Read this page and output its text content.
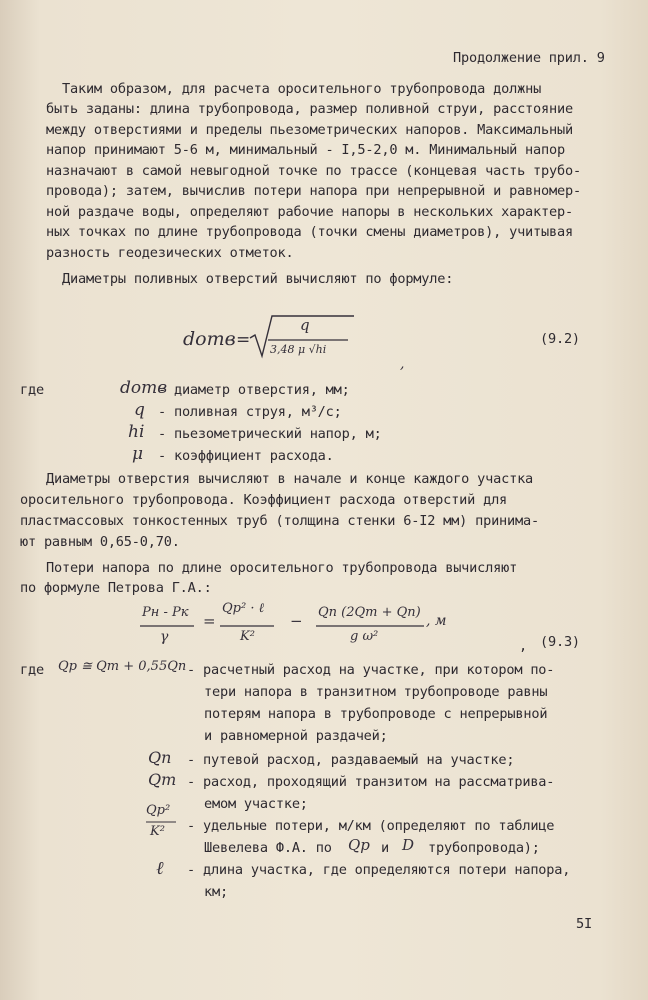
Продолжение прил. 9
Таким образом, для расчета оросительного трубопровода должны
быть заданы: длина трубопровода, размер поливной струи, расстояние
между отверстиями и пределы пьезометрических напоров. Максимальный
напор принимают 5-6 м, минимальный - I,5-2,0 м. Минимальный напор
назначают в самой невыгодной точке по трассе (концевая часть трубо-
провода); затем, вычислив потери напора при непрерывной и равномер-
ной раздаче воды, определяют рабочие напоры в нескольких характер-
ных точках по длине трубопровода (точки смены диаметров), учитывая
разность геодезических отметок.
Диаметры поливных отверстий вычисляют по формуле:
dотв =
q
3,48 μ √hi
,
(9.2)
где	dотв
- диаметр отверстия, мм;
q - поливная струя, м³/с;
hi - пьезометрический напор, м;
μ - коэффициент расхода.
Диаметры отверстия вычисляют в начале и конце каждого участка
оросительного трубопровода. Коэффициент расхода отверстий для
пластмассовых тонкостенных труб (толщина стенки 6-I2 мм) принима-
ют равным 0,65-0,70.
Потери напора по длине оросительного трубопровода вычисляют
по формуле Петрова Г.А.:
Pн - Pк
γ
=
Qр² · ℓ
K²
− Qп (2Qт + Qп)
g ω²
, м
, (9.3)
где Qр ≅ Qт + 0,55Qп - расчетный расход на участке, при котором по-
тери напора в транзитном трубопроводе равны
потерям напора в трубопроводе с непрерывной
и равномерной раздачей;
Qп - путевой расход, раздаваемый на участке;
Qт - расход, проходящий транзитом на рассматрива-
емом участке;
Qр²
K² - удельные потери, м/км (определяют по таблице
Шевелева Ф.А. по Qр и D трубопровода);
ℓ - длина участка, где определяются потери напора,
км;
5I
